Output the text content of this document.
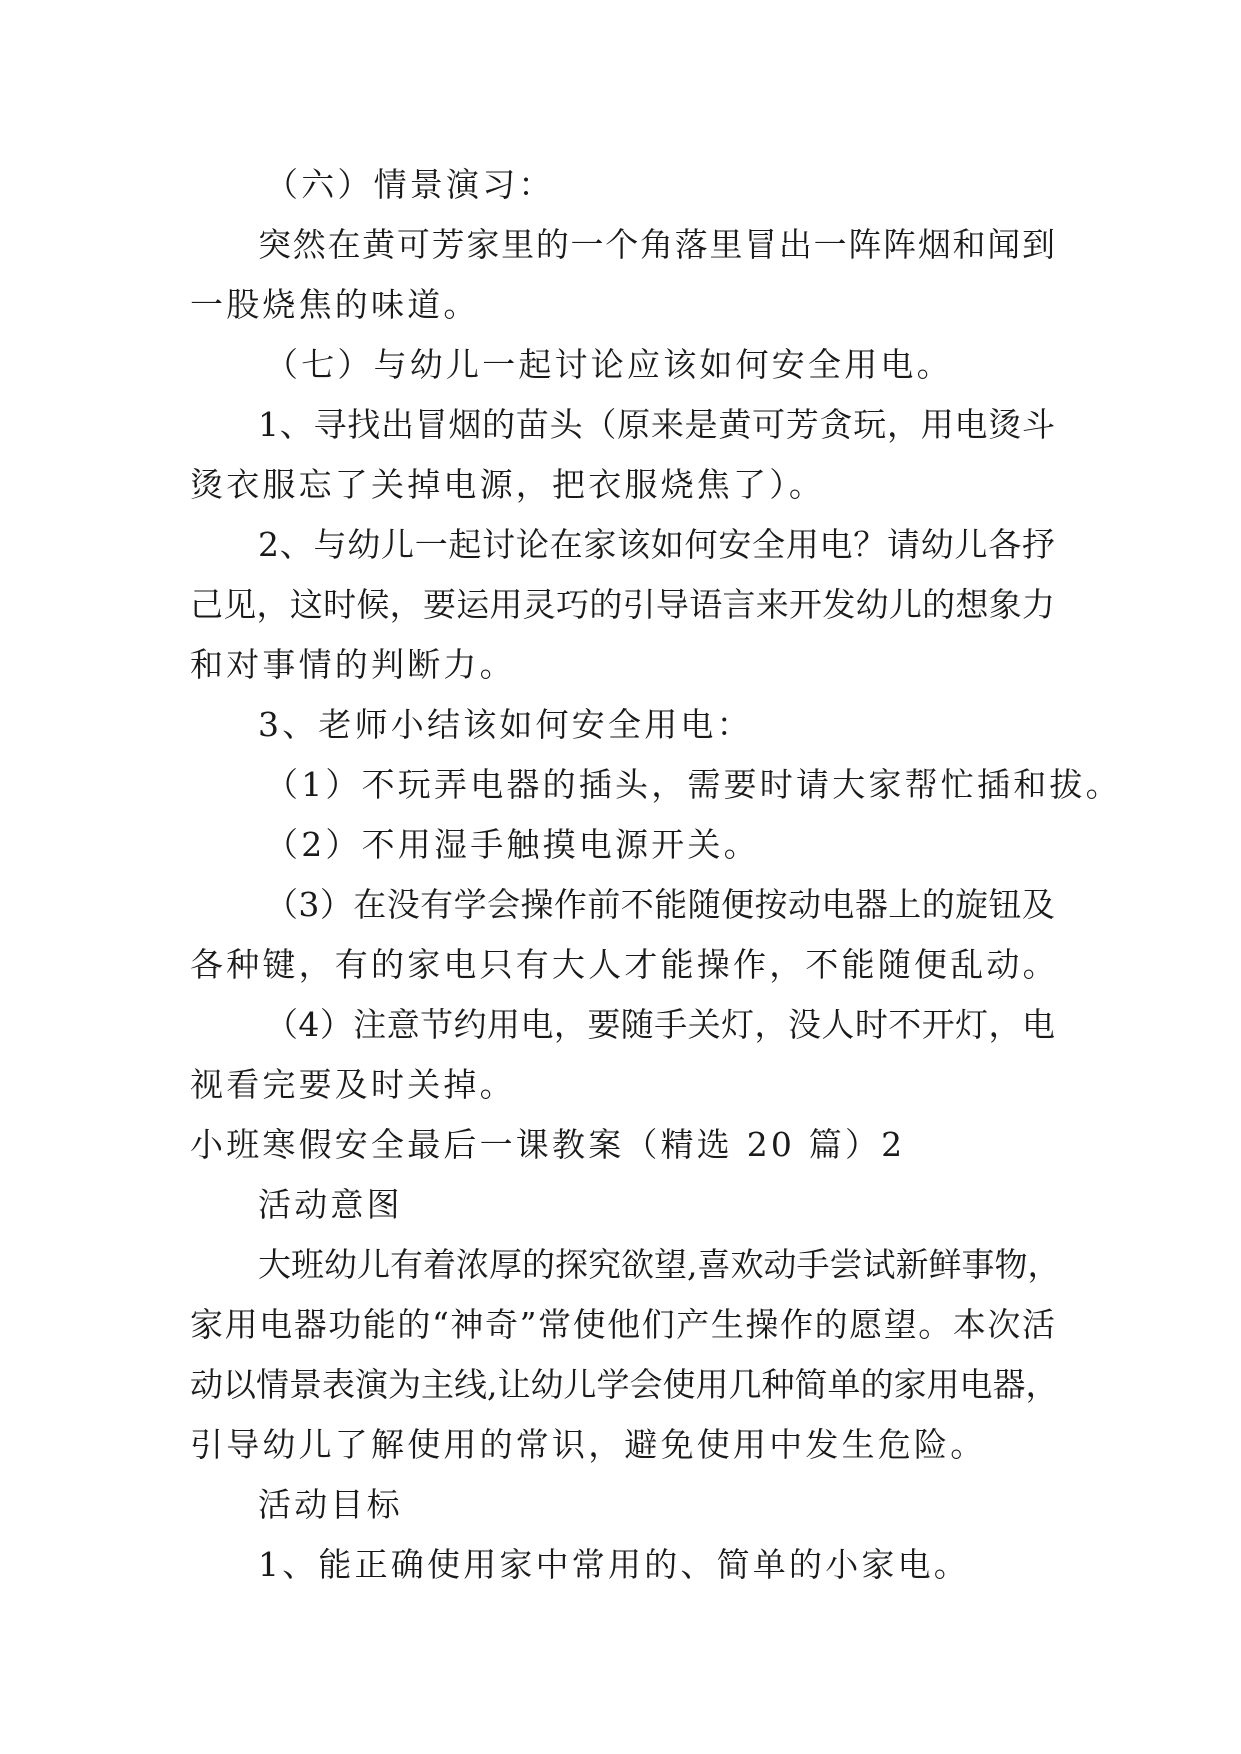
（六）情景演习：
突然在黄可芳家里的一个角落里冒出一阵阵烟和闻到
一股烧焦的味道。
（七）与幼儿一起讨论应该如何安全用电。
1、寻找出冒烟的苗头（原来是黄可芳贪玩，用电烫斗
烫衣服忘了关掉电源，把衣服烧焦了）。
2、与幼儿一起讨论在家该如何安全用电？请幼儿各抒
己见，这时候，要运用灵巧的引导语言来开发幼儿的想象力
和对事情的判断力。
3、老师小结该如何安全用电：
（1）不玩弄电器的插头，需要时请大家帮忙插和拔。
（2）不用湿手触摸电源开关。
（3）在没有学会操作前不能随便按动电器上的旋钮及
各种键，有的家电只有大人才能操作，不能随便乱动。
（4）注意节约用电，要随手关灯，没人时不开灯，电
视看完要及时关掉。
小班寒假安全最后一课教案（精选 20 篇）2
活动意图
大班幼儿有着浓厚的探究欲望,喜欢动手尝试新鲜事物，
家用电器功能的“神奇”常使他们产生操作的愿望。本次活
动以情景表演为主线,让幼儿学会使用几种简单的家用电器，
引导幼儿了解使用的常识，避免使用中发生危险。
活动目标
1、能正确使用家中常用的、简单的小家电。
